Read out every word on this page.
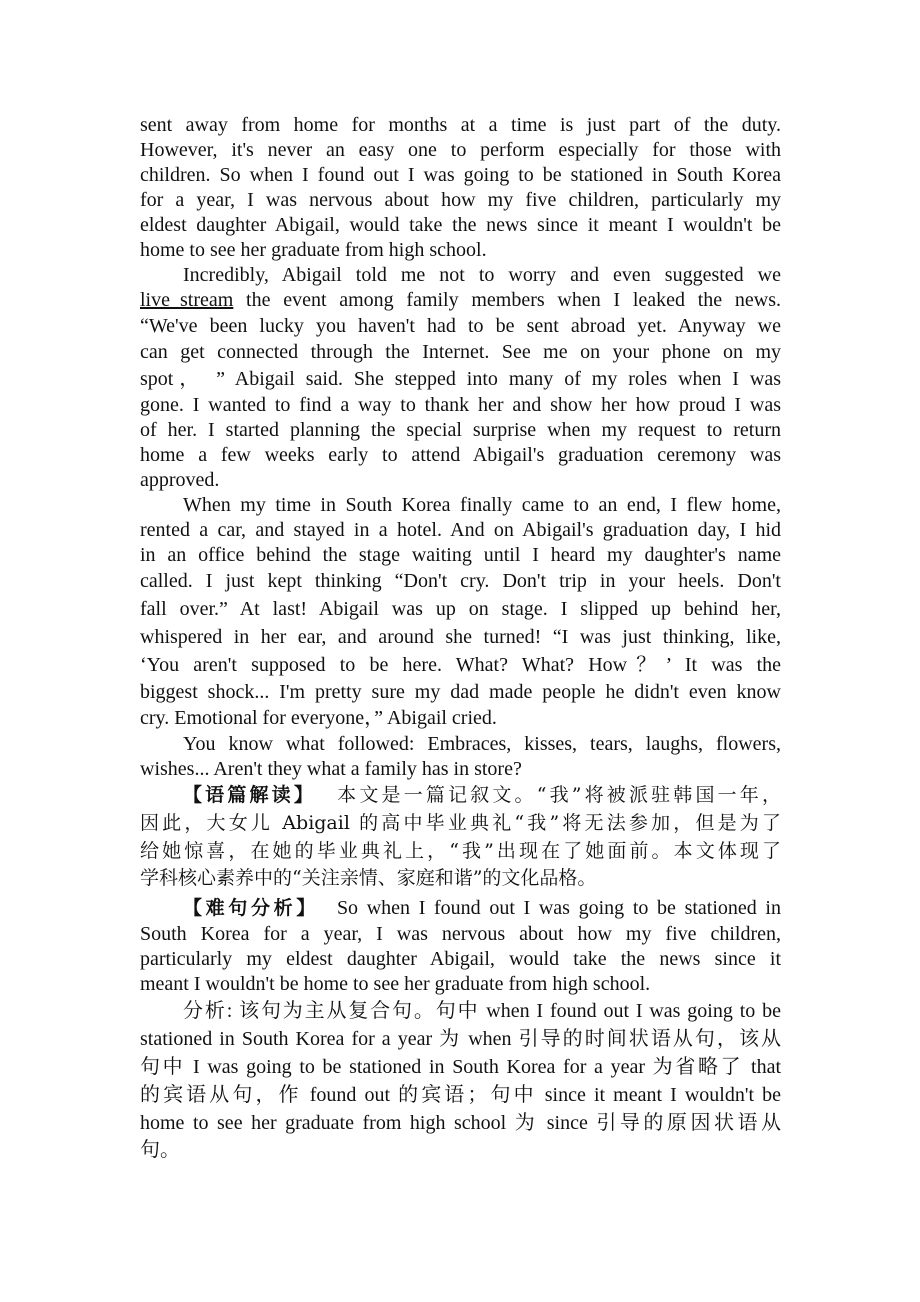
sent away from home for months at a time is just part of the duty.
However, it's never an easy one to perform especially for those with
children. So when I found out I was going to be stationed in South Korea
for a year, I was nervous about how my five children, particularly my
eldest daughter Abigail, would take the news since it meant I wouldn't be
home to see her graduate from high school.
Incredibly, Abigail told me not to worry and even suggested we
live_stream the event among family members when I leaked the news.
“We've been lucky you haven't had to be sent abroad yet. Anyway we
can get connected through the Internet. See me on your phone on my
spot， ” Abigail said. She stepped into many of my roles when I was
gone. I wanted to find a way to thank her and show her how proud I was
of her. I started planning the special surprise when my request to return
home a few weeks early to attend Abigail's graduation ceremony was
approved.
When my time in South Korea finally came to an end, I flew home,
rented a car, and stayed in a hotel. And on Abigail's graduation day, I hid
in an office behind the stage waiting until I heard my daughter's name
called. I just kept thinking “Don't cry. Don't trip in your heels. Don't
fall over.” At last! Abigail was up on stage. I slipped up behind her,
whispered in her ear, and around she turned! “I was just thinking, like,
‘You aren't supposed to be here. What? What? How？’ It was the
biggest shock... I'm pretty sure my dad made people he didn't even know
cry. Emotional for everyone，” Abigail cried.
You know what followed: Embraces, kisses, tears, laughs, flowers,
wishes... Aren't they what a family has in store?
【语篇解读】 本文是一篇记叙文。“我”将被派驻韩国一年，
因此，大女儿 Abigail 的高中毕业典礼“我”将无法参加，但是为了
给她惊喜，在她的毕业典礼上，“我”出现在了她面前。本文体现了
学科核心素养中的“关注亲情、家庭和谐”的文化品格。
【难句分析】 So when I found out I was going to be stationed in
South Korea for a year, I was nervous about how my five children,
particularly my eldest daughter Abigail, would take the news since it
meant I wouldn't be home to see her graduate from high school.
分析: 该句为主从复合句。句中 when I found out I was going to be
stationed in South Korea for a year 为 when 引导的时间状语从句，该从
句中 I was going to be stationed in South Korea for a year 为省略了 that
的宾语从句，作 found out 的宾语；句中 since it meant I wouldn't be
home to see her graduate from high school 为 since 引导的原因状语从
句。
